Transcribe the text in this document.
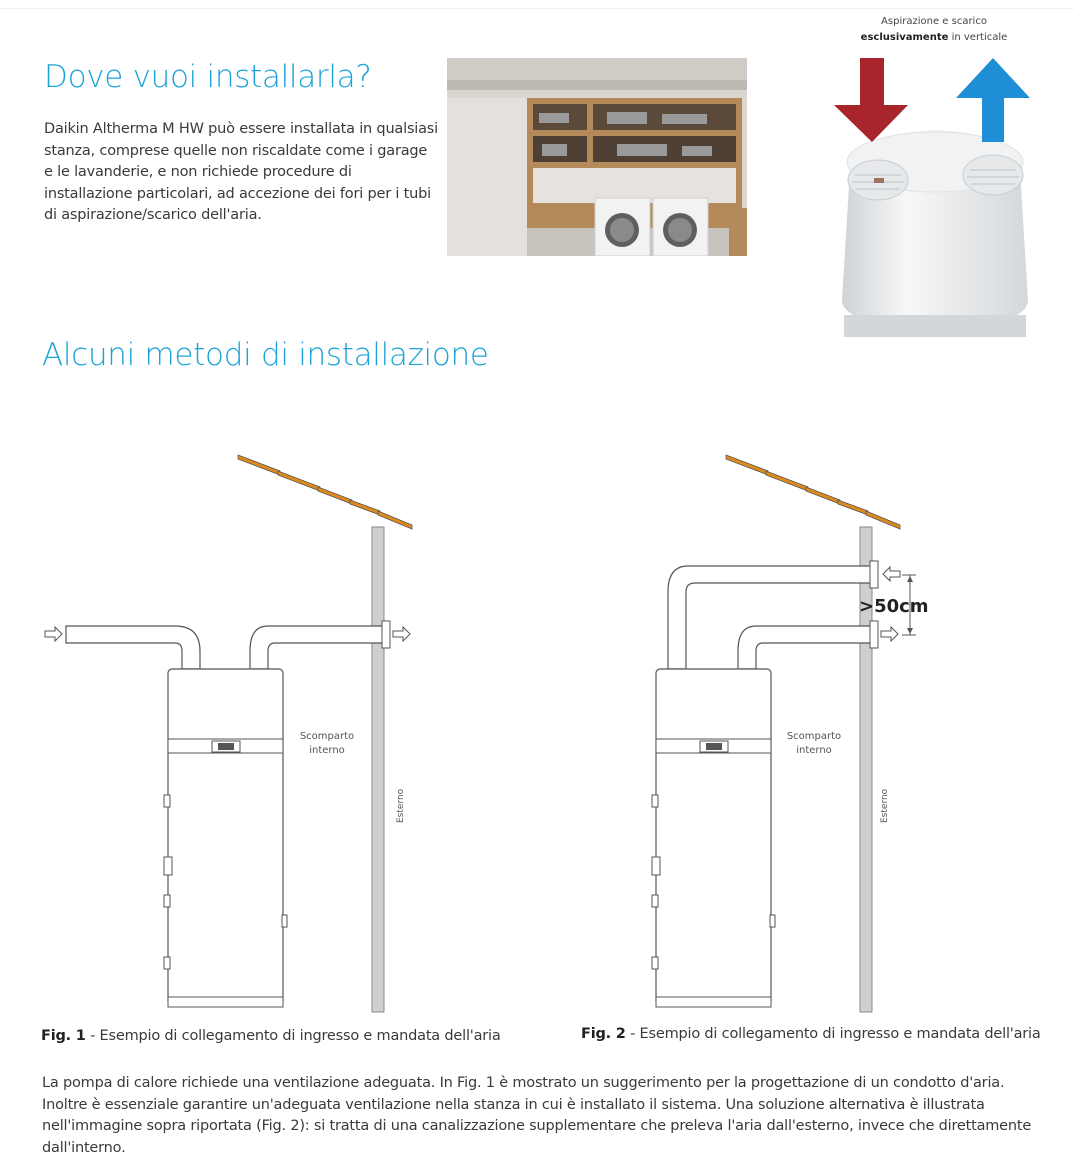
Dove vuoi installarla?
Daikin Altherma M HW può essere installata in qualsiasi stanza, comprese quelle non riscaldate come i garage e le lavanderie, e non richiede procedure di installazione particolari, ad accezione dei fori per i tubi di aspirazione/scarico dell'aria.
Aspirazione e scarico
esclusivamente in verticale
Alcuni metodi di installazione
Scomparto
interno
Esterno
>50cm
Scomparto
interno
Esterno
Fig. 1 - Esempio di collegamento di ingresso e mandata dell'aria	Fig. 2 - Esempio di collegamento di ingresso e mandata dell'aria
La pompa di calore richiede una ventilazione adeguata. In Fig. 1 è mostrato un suggerimento per la progettazione di un condotto d'aria. Inoltre è essenziale garantire un'adeguata ventilazione nella stanza in cui è installato il sistema. Una soluzione alternativa è illustrata nell'immagine sopra riportata (Fig. 2): si tratta di una canalizzazione supplementare che preleva l'aria dall'esterno, invece che direttamente dall'interno.
